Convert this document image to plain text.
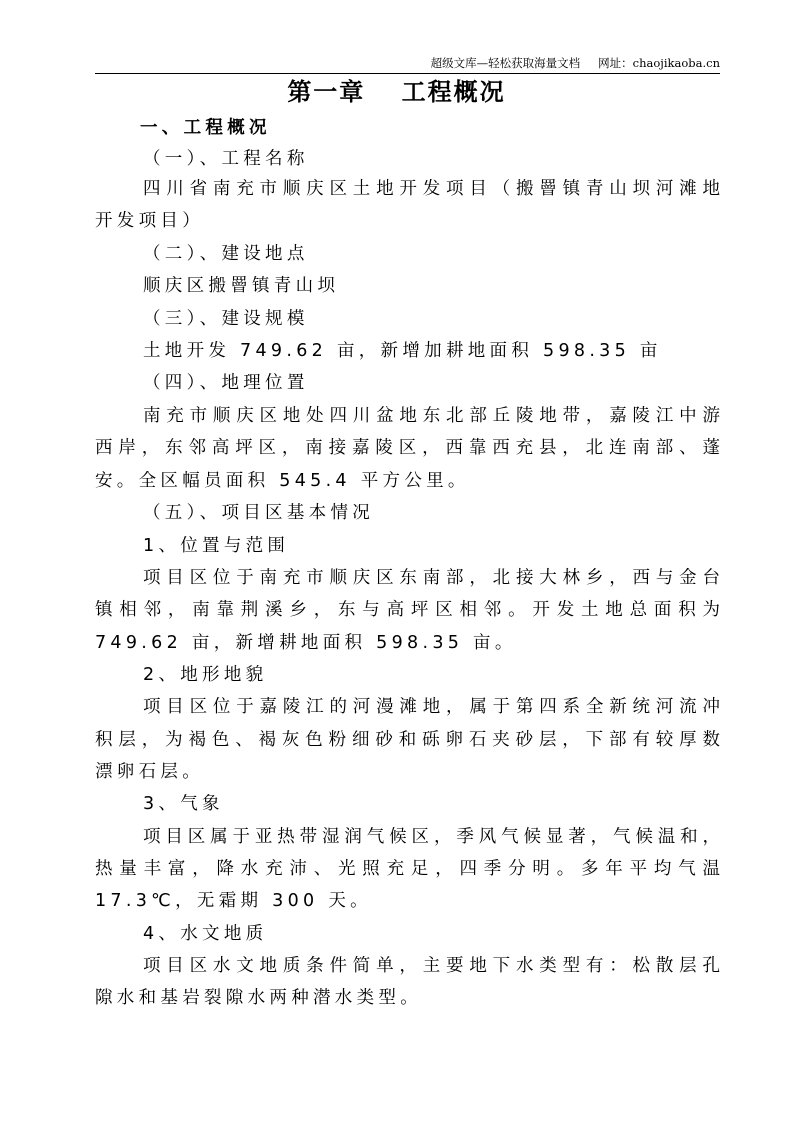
超级文库—轻松获取海量文档 网址：chaojikaoba.cn
第一章　 工程概况
一、工程概况
（一）、工程名称
四川省南充市顺庆区土地开发项目（搬罾镇青山坝河滩地
开发项目）
（二）、建设地点
顺庆区搬罾镇青山坝
（三）、建设规模
土地开发 749.62 亩，新增加耕地面积 598.35 亩
（四）、地理位置
南充市顺庆区地处四川盆地东北部丘陵地带，嘉陵江中游
西岸，东邻高坪区，南接嘉陵区，西靠西充县，北连南部、蓬
安。全区幅员面积 545.4 平方公里。
（五）、项目区基本情况
1、位置与范围
项目区位于南充市顺庆区东南部，北接大林乡，西与金台
镇相邻，南靠荆溪乡，东与高坪区相邻。开发土地总面积为
749.62 亩，新增耕地面积 598.35 亩。
2、地形地貌
项目区位于嘉陵江的河漫滩地，属于第四系全新统河流冲
积层，为褐色、褐灰色粉细砂和砾卵石夹砂层，下部有较厚数
漂卵石层。
3、气象
项目区属于亚热带湿润气候区，季风气候显著，气候温和，
热量丰富，降水充沛、光照充足，四季分明。多年平均气温
17.3℃，无霜期 300 天。
4、水文地质
项目区水文地质条件简单，主要地下水类型有：松散层孔
隙水和基岩裂隙水两种潜水类型。
